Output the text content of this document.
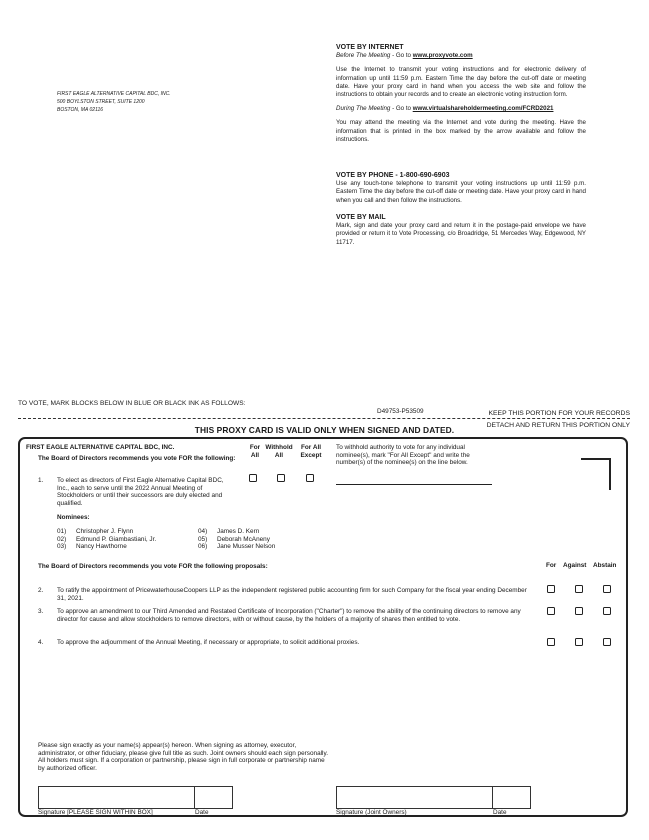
FIRST EAGLE ALTERNATIVE CAPITAL BDC, INC.
500 BOYLSTON STREET, SUITE 1200
BOSTON, MA 02116

VOTE BY INTERNET

Before The Meeting - Go to www.proxyvote.com

Use the Internet to transmit your voting instructions and for electronic delivery of information up until 11:59 p.m. Eastern Time the day before the cut-off date or meeting date. Have your proxy card in hand when you access the web site and follow the instructions to obtain your records and to create an electronic voting instruction form.

During The Meeting - Go to www.virtualshareholdermeeting.com/FCRD2021

You may attend the meeting via the Internet and vote during the meeting. Have the information that is printed in the box marked by the arrow available and follow the instructions.

VOTE BY PHONE - 1-800-690-6903

Use any touch-tone telephone to transmit your voting instructions up until 11:59 p.m. Eastern Time the day before the cut-off date or meeting date. Have your proxy card in hand when you call and then follow the instructions.

VOTE BY MAIL

Mark, sign and date your proxy card and return it in the postage-paid envelope we have provided or return it to Vote Processing, c/o Broadridge, 51 Mercedes Way, Edgewood, NY 11717.

TO VOTE, MARK BLOCKS BELOW IN BLUE OR BLACK INK AS FOLLOWS:
D49753-P53509	KEEP THIS PORTION FOR YOUR RECORDS
DETACH AND RETURN THIS PORTION ONLY
THIS PROXY CARD IS VALID ONLY WHEN SIGNED AND DATED.
FIRST EAGLE ALTERNATIVE CAPITAL BDC, INC.
The Board of Directors recommends you vote FOR the following:
For
All
Withhold
All
For All
Except
To withhold authority to vote for any individual nominee(s), mark "For All Except" and write the number(s) of the nominee(s) on the line below.
1. To elect as directors of First Eagle Alternative Capital BDC, Inc., each to serve until the 2022 Annual Meeting of Stockholders or until their successors are duly elected and qualified.
Nominees:
01) Christopher J. Flynn
02) Edmund P. Giambastiani, Jr.
03) Nancy Hawthorne
04) James D. Kern
05) Deborah McAneny
06) Jane Musser Nelson
The Board of Directors recommends you vote FOR the following proposals:	For Against Abstain
2. To ratify the appointment of PricewaterhouseCoopers LLP as the independent registered public accounting firm for such Company for the fiscal year ending December 31, 2021.
3. To approve an amendment to our Third Amended and Restated Certificate of Incorporation ("Charter") to remove the ability of the continuing directors to remove any director for cause and allow stockholders to remove directors, with or without cause, by the holders of a majority of shares then entitled to vote.
4. To approve the adjournment of the Annual Meeting, if necessary or appropriate, to solicit additional proxies.
Please sign exactly as your name(s) appear(s) hereon. When signing as attorney, executor, administrator, or other fiduciary, please give full title as such. Joint owners should each sign personally. All holders must sign. If a corporation or partnership, please sign in full corporate or partnership name by authorized officer.
Signature [PLEASE SIGN WITHIN BOX]	Date	Signature (Joint Owners)	Date
